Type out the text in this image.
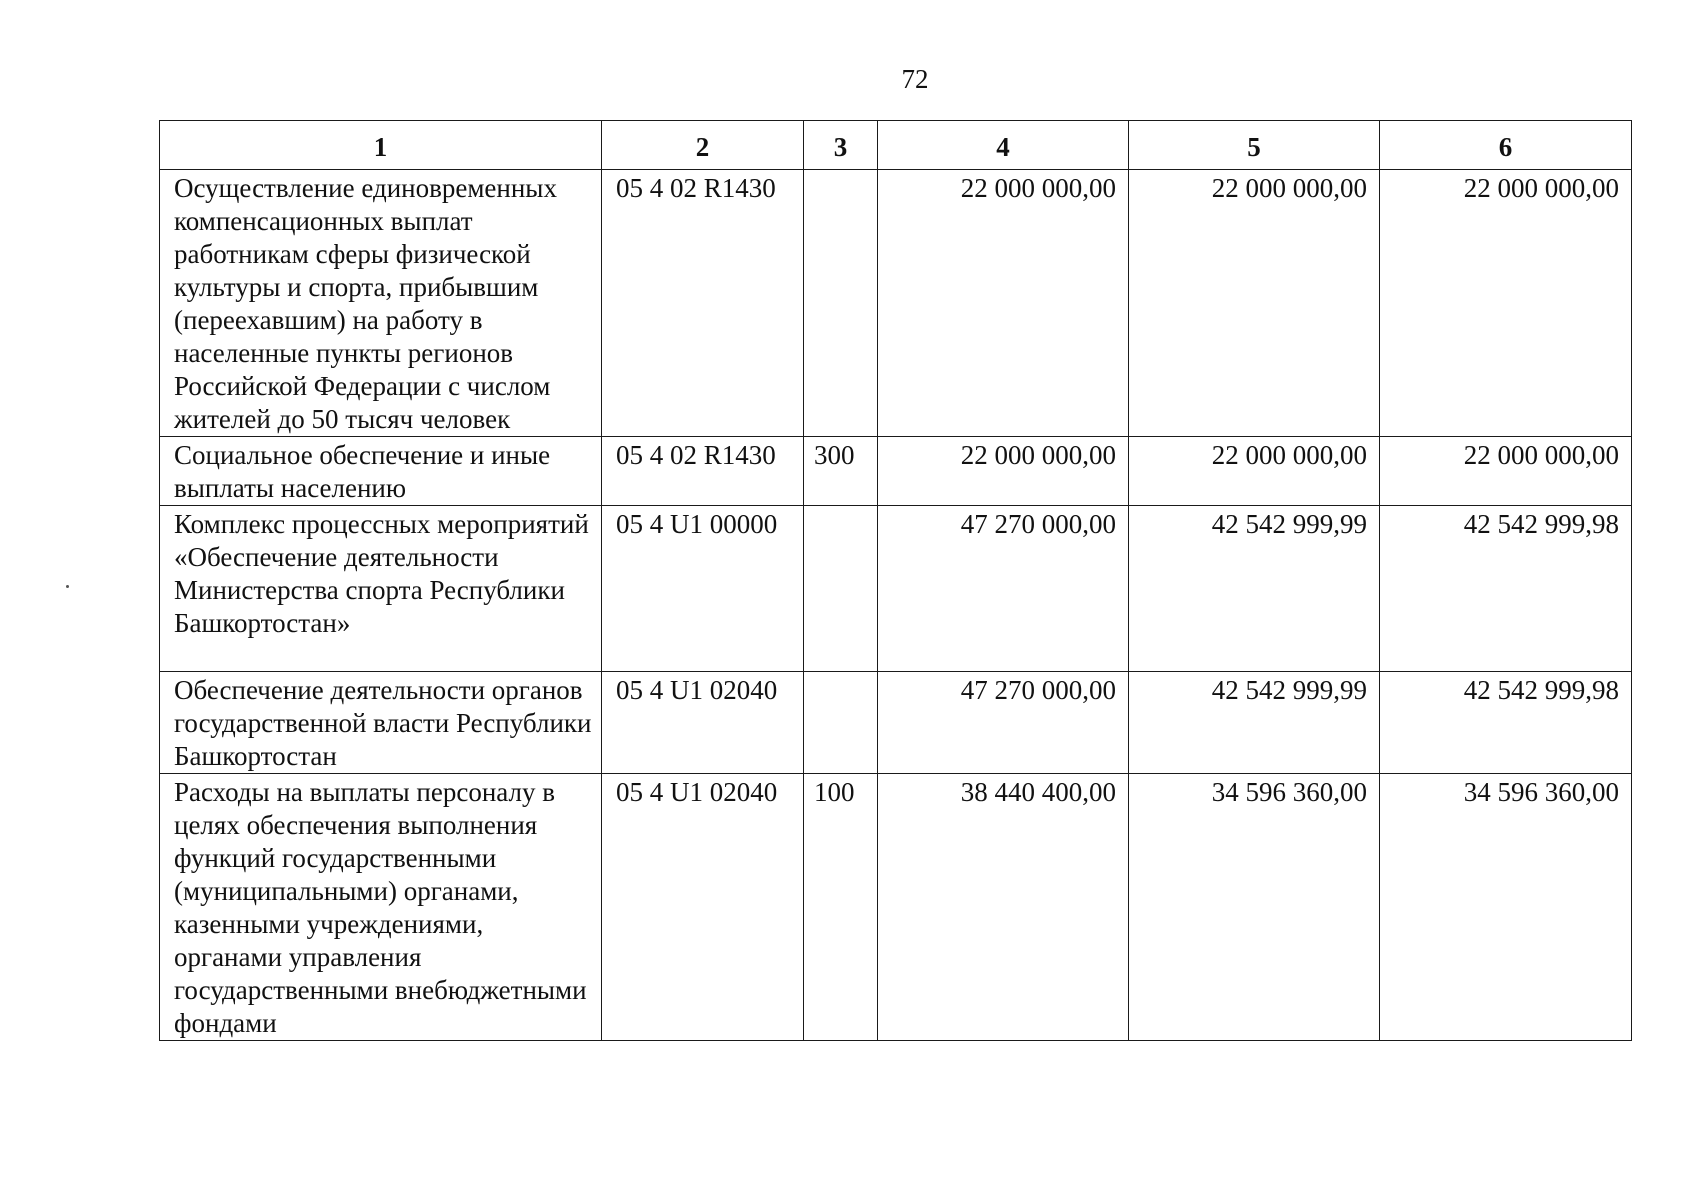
72
1	2	3	4	5	6
Осуществление единовременных компенсационных выплат работникам сферы физической культуры и спорта, прибывшим (переехавшим) на работу в населенные пункты регионов Российской Федерации с числом жителей до 50 тысяч человек	05 4 02 R1430		22 000 000,00	22 000 000,00	22 000 000,00
Социальное обеспечение и иные выплаты населению	05 4 02 R1430	300	22 000 000,00	22 000 000,00	22 000 000,00
Комплекс процессных мероприятий «Обеспечение деятельности Министерства спорта Республики Башкортостан»	05 4 U1 00000		47 270 000,00	42 542 999,99	42 542 999,98
Обеспечение деятельности органов государственной власти Республики Башкортостан	05 4 U1 02040		47 270 000,00	42 542 999,99	42 542 999,98
Расходы на выплаты персоналу в целях обеспечения выполнения функций государственными (муниципальными) органами, казенными учреждениями, органами управления государственными внебюджетными фондами	05 4 U1 02040	100	38 440 400,00	34 596 360,00	34 596 360,00
